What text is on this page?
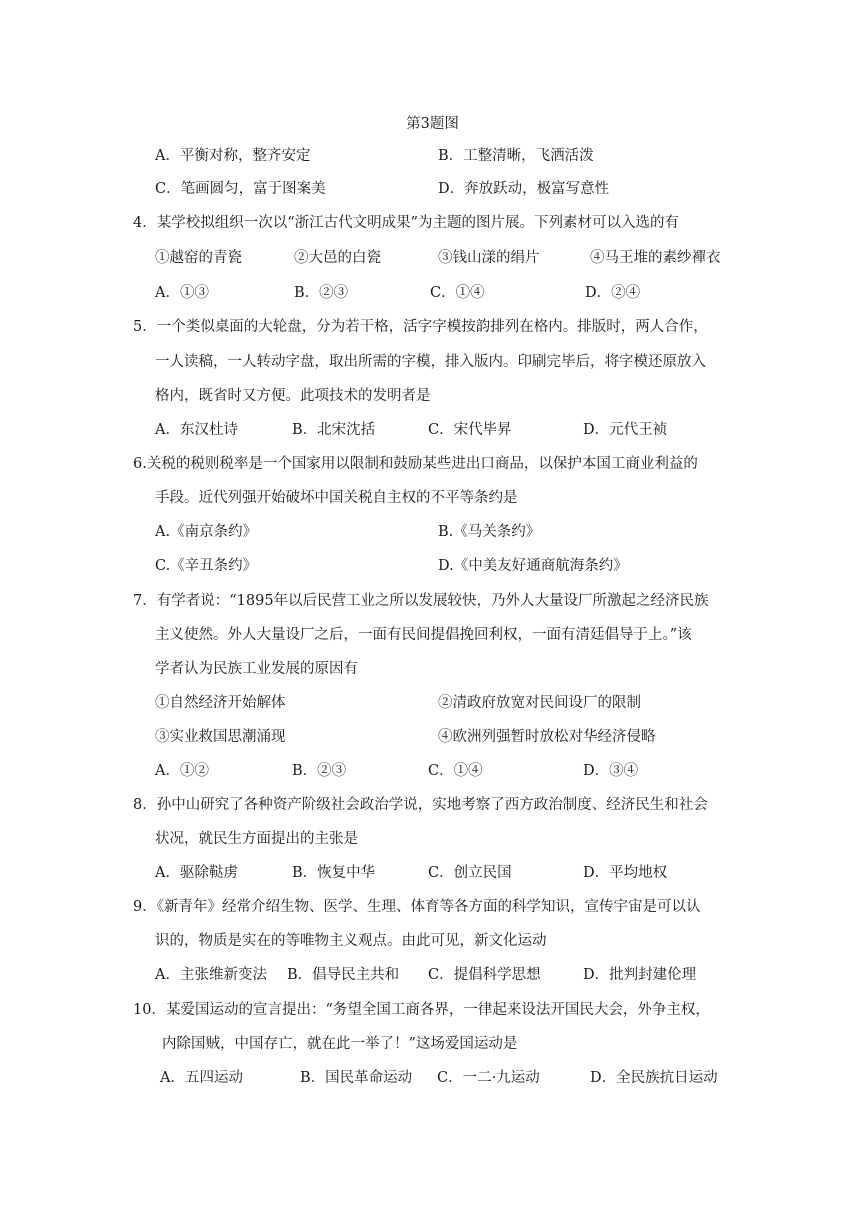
第3题图
A．平衡对称，整齐安定	B．工整清晰，飞洒活泼
C．笔画圆匀，富于图案美	D．奔放跃动，极富写意性
4．某学校拟组织一次以“浙江古代文明成果”为主题的图片展。下列素材可以入选的有
①越窑的青瓷	②大邑的白瓷	③钱山漾的绢片	④马王堆的素纱襌衣
A．①③	B．②③	C．①④	D．②④
5．一个类似桌面的大轮盘，分为若干格，活字字模按韵排列在格内。排版时，两人合作，
一人读稿，一人转动字盘，取出所需的字模，排入版内。印刷完毕后，将字模还原放入
格内，既省时又方便。此项技术的发明者是
A．东汉杜诗	B．北宋沈括	C．宋代毕昇	D．元代王祯
6.关税的税则税率是一个国家用以限制和鼓励某些进出口商品，以保护本国工商业利益的
手段。近代列强开始破坏中国关税自主权的不平等条约是
A.《南京条约》	B.《马关条约》
C.《辛丑条约》	D.《中美友好通商航海条约》
7．有学者说：“1895年以后民营工业之所以发展较快，乃外人大量设厂所激起之经济民族
主义使然。外人大量设厂之后，一面有民间提倡挽回利权，一面有清廷倡导于上。”该
学者认为民族工业发展的原因有
①自然经济开始解体	②清政府放宽对民间设厂的限制
③实业救国思潮涌现	④欧洲列强暂时放松对华经济侵略
A．①②	B．②③	C．①④	D．③④
8．孙中山研究了各种资产阶级社会政治学说，实地考察了西方政治制度、经济民生和社会
状况，就民生方面提出的主张是
A．驱除鞑虏	B．恢复中华	C．创立民国	D．平均地权
9．《新青年》经常介绍生物、医学、生理、体育等各方面的科学知识，宣传宇宙是可以认
识的，物质是实在的等唯物主义观点。由此可见，新文化运动
A．主张维新变法 B．倡导民主共和 C．提倡科学思想	D．批判封建伦理
10．某爱国运动的宣言提出：“务望全国工商各界，一律起来设法开国民大会，外争主权，
内除国贼，中国存亡，就在此一举了！”这场爱国运动是
A．五四运动	B．国民革命运动 C．一二·九运动	D．全民族抗日运动
